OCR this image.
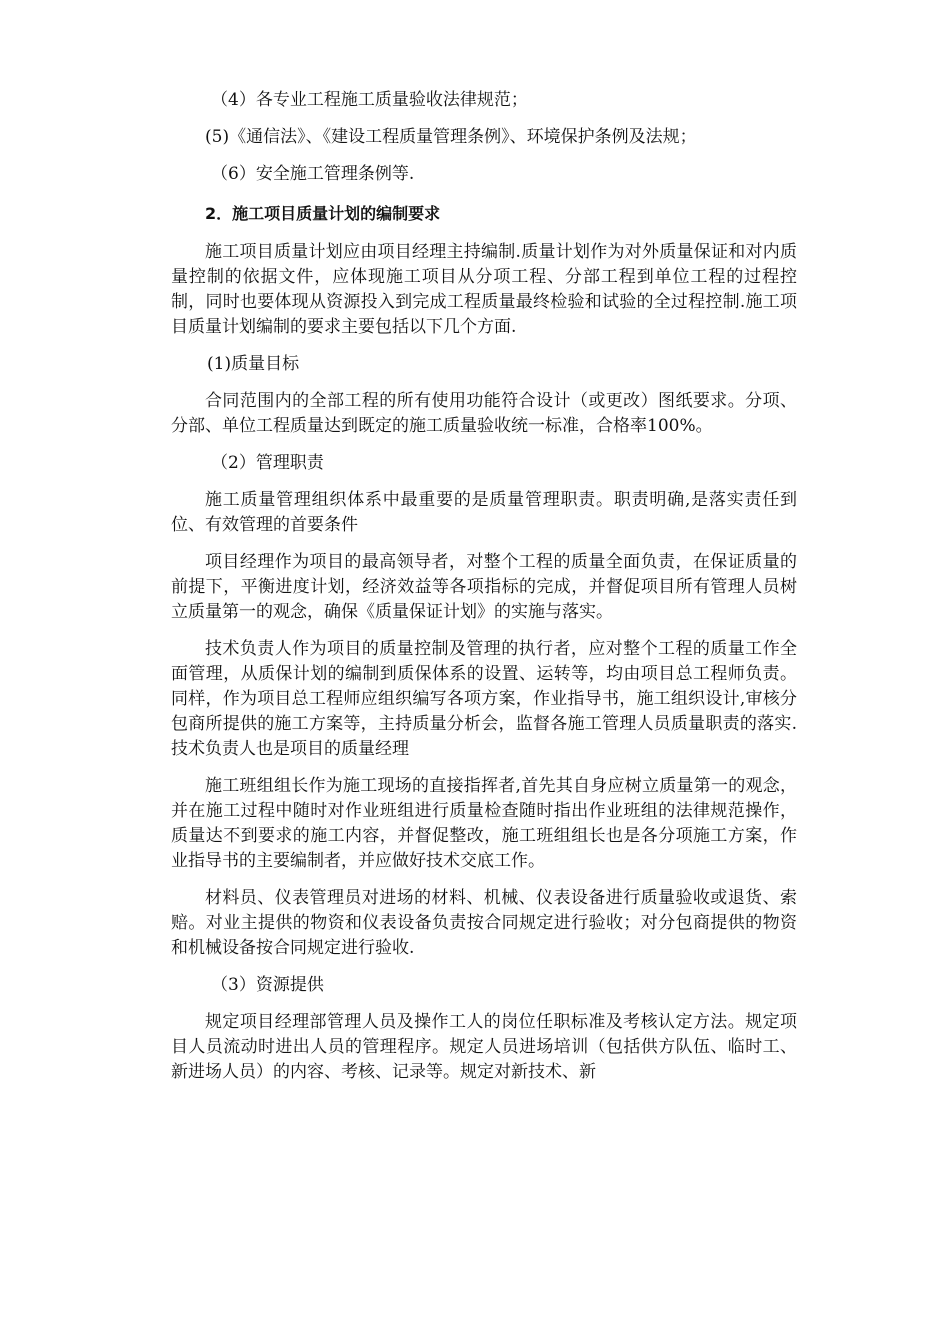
（4）各专业工程施工质量验收法律规范；

(5)《通信法》、《建设工程质量管理条例》、环境保护条例及法规；

（6）安全施工管理条例等.

2．施工项目质量计划的编制要求

施工项目质量计划应由项目经理主持编制.质量计划作为对外质量保证和对内质量控制的依据文件，应体现施工项目从分项工程、分部工程到单位工程的过程控制，同时也要体现从资源投入到完成工程质量最终检验和试验的全过程控制.施工项目质量计划编制的要求主要包括以下几个方面.

(1)质量目标

合同范围内的全部工程的所有使用功能符合设计（或更改）图纸要求。分项、分部、单位工程质量达到既定的施工质量验收统一标准，合格率100%。

（2）管理职责

施工质量管理组织体系中最重要的是质量管理职责。职责明确,是落实责任到位、有效管理的首要条件

项目经理作为项目的最高领导者，对整个工程的质量全面负责，在保证质量的前提下，平衡进度计划，经济效益等各项指标的完成，并督促项目所有管理人员树立质量第一的观念，确保《质量保证计划》的实施与落实。

技术负责人作为项目的质量控制及管理的执行者，应对整个工程的质量工作全面管理，从质保计划的编制到质保体系的设置、运转等，均由项目总工程师负责。同样，作为项目总工程师应组织编写各项方案，作业指导书，施工组织设计,审核分包商所提供的施工方案等，主持质量分析会，监督各施工管理人员质量职责的落实.技术负责人也是项目的质量经理

施工班组组长作为施工现场的直接指挥者,首先其自身应树立质量第一的观念，并在施工过程中随时对作业班组进行质量检查随时指出作业班组的法律规范操作，质量达不到要求的施工内容，并督促整改，施工班组组长也是各分项施工方案，作业指导书的主要编制者，并应做好技术交底工作。

材料员、仪表管理员对进场的材料、机械、仪表设备进行质量验收或退货、索赔。对业主提供的物资和仪表设备负责按合同规定进行验收；对分包商提供的物资和机械设备按合同规定进行验收.

（3）资源提供

规定项目经理部管理人员及操作工人的岗位任职标准及考核认定方法。规定项目人员流动时进出人员的管理程序。规定人员进场培训（包括供方队伍、临时工、新进场人员）的内容、考核、记录等。规定对新技术、新
